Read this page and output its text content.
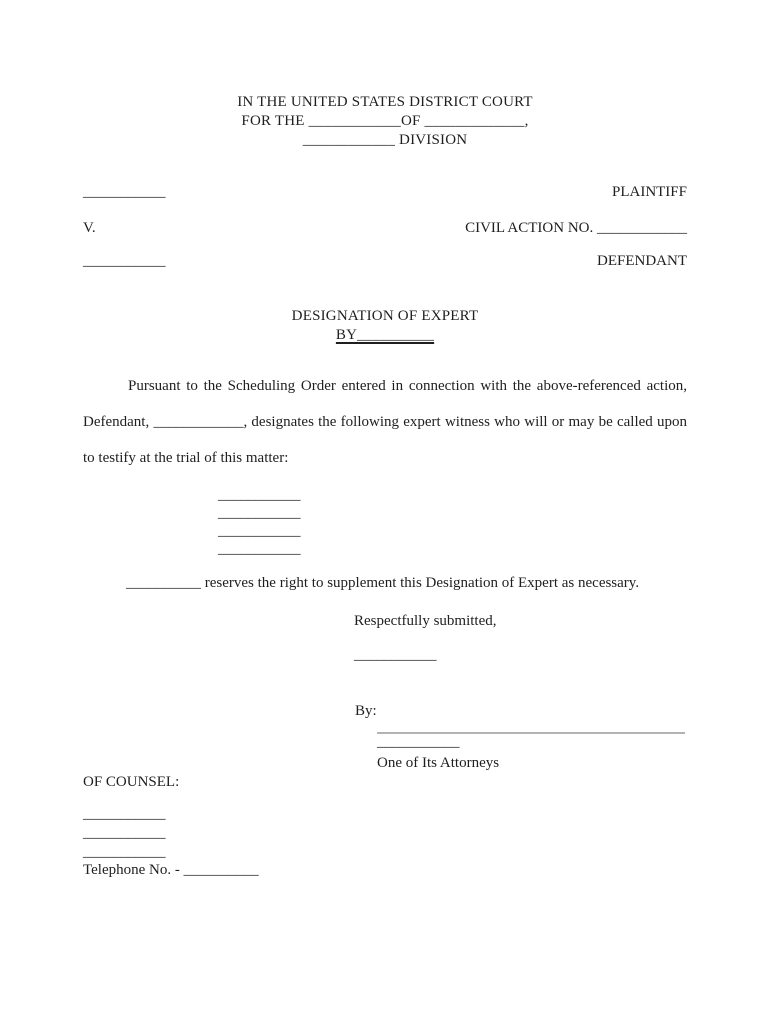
IN THE UNITED STATES DISTRICT COURT
FOR THE ____________OF _____________,
____________ DIVISION
___________	PLAINTIFF
V.	CIVIL ACTION NO. ____________
___________	DEFENDANT
DESIGNATION OF EXPERT
BY__________
Pursuant to the Scheduling Order entered in connection with the above-referenced action, Defendant, ____________, designates the following expert witness who will or may be called upon to testify at the trial of this matter:
___________
___________
___________
___________
__________ reserves the right to supplement this Designation of Expert as necessary.
Respectfully submitted,
___________
By:
___________
One of Its Attorneys
OF COUNSEL:
___________
___________
___________
Telephone No. - __________
